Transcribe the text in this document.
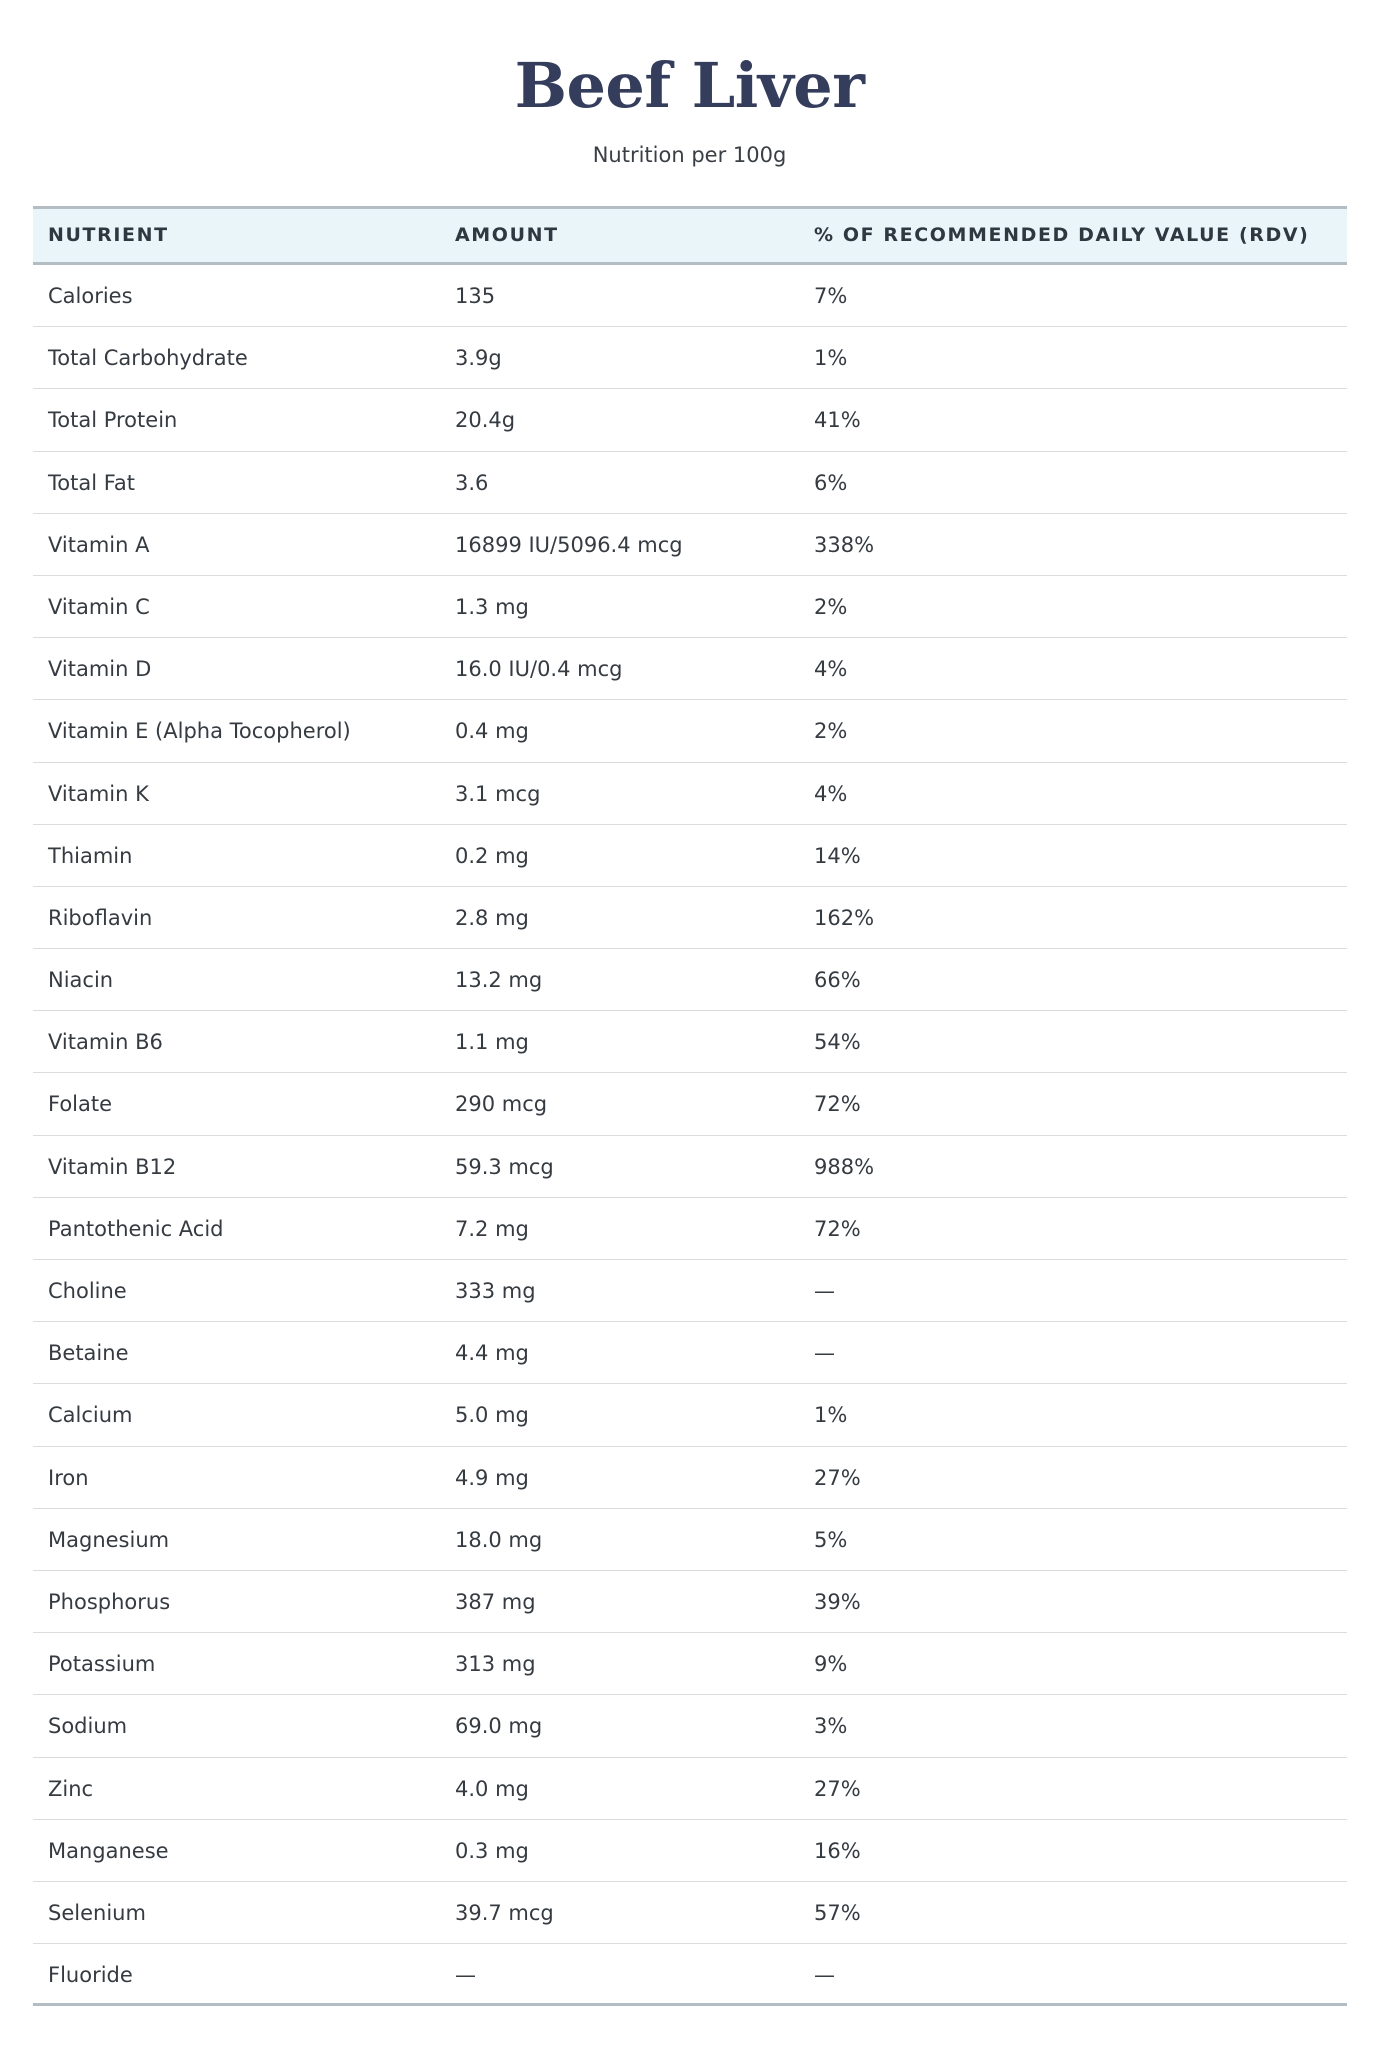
Beef Liver
Nutrition per 100g
NUTRIENT	AMOUNT	% OF RECOMMENDED DAILY VALUE (RDV)
Calories	135	7%
Total Carbohydrate	3.9g	1%
Total Protein	20.4g	41%
Total Fat	3.6	6%
Vitamin A	16899 IU/5096.4 mcg	338%
Vitamin C	1.3 mg	2%
Vitamin D	16.0 IU/0.4 mcg	4%
Vitamin E (Alpha Tocopherol)	0.4 mg	2%
Vitamin K	3.1 mcg	4%
Thiamin	0.2 mg	14%
Riboflavin	2.8 mg	162%
Niacin	13.2 mg	66%
Vitamin B6	1.1 mg	54%
Folate	290 mcg	72%
Vitamin B12	59.3 mcg	988%
Pantothenic Acid	7.2 mg	72%
Choline	333 mg	—
Betaine	4.4 mg	—
Calcium	5.0 mg	1%
Iron	4.9 mg	27%
Magnesium	18.0 mg	5%
Phosphorus	387 mg	39%
Potassium	313 mg	9%
Sodium	69.0 mg	3%
Zinc	4.0 mg	27%
Manganese	0.3 mg	16%
Selenium	39.7 mcg	57%
Fluoride	—	—
